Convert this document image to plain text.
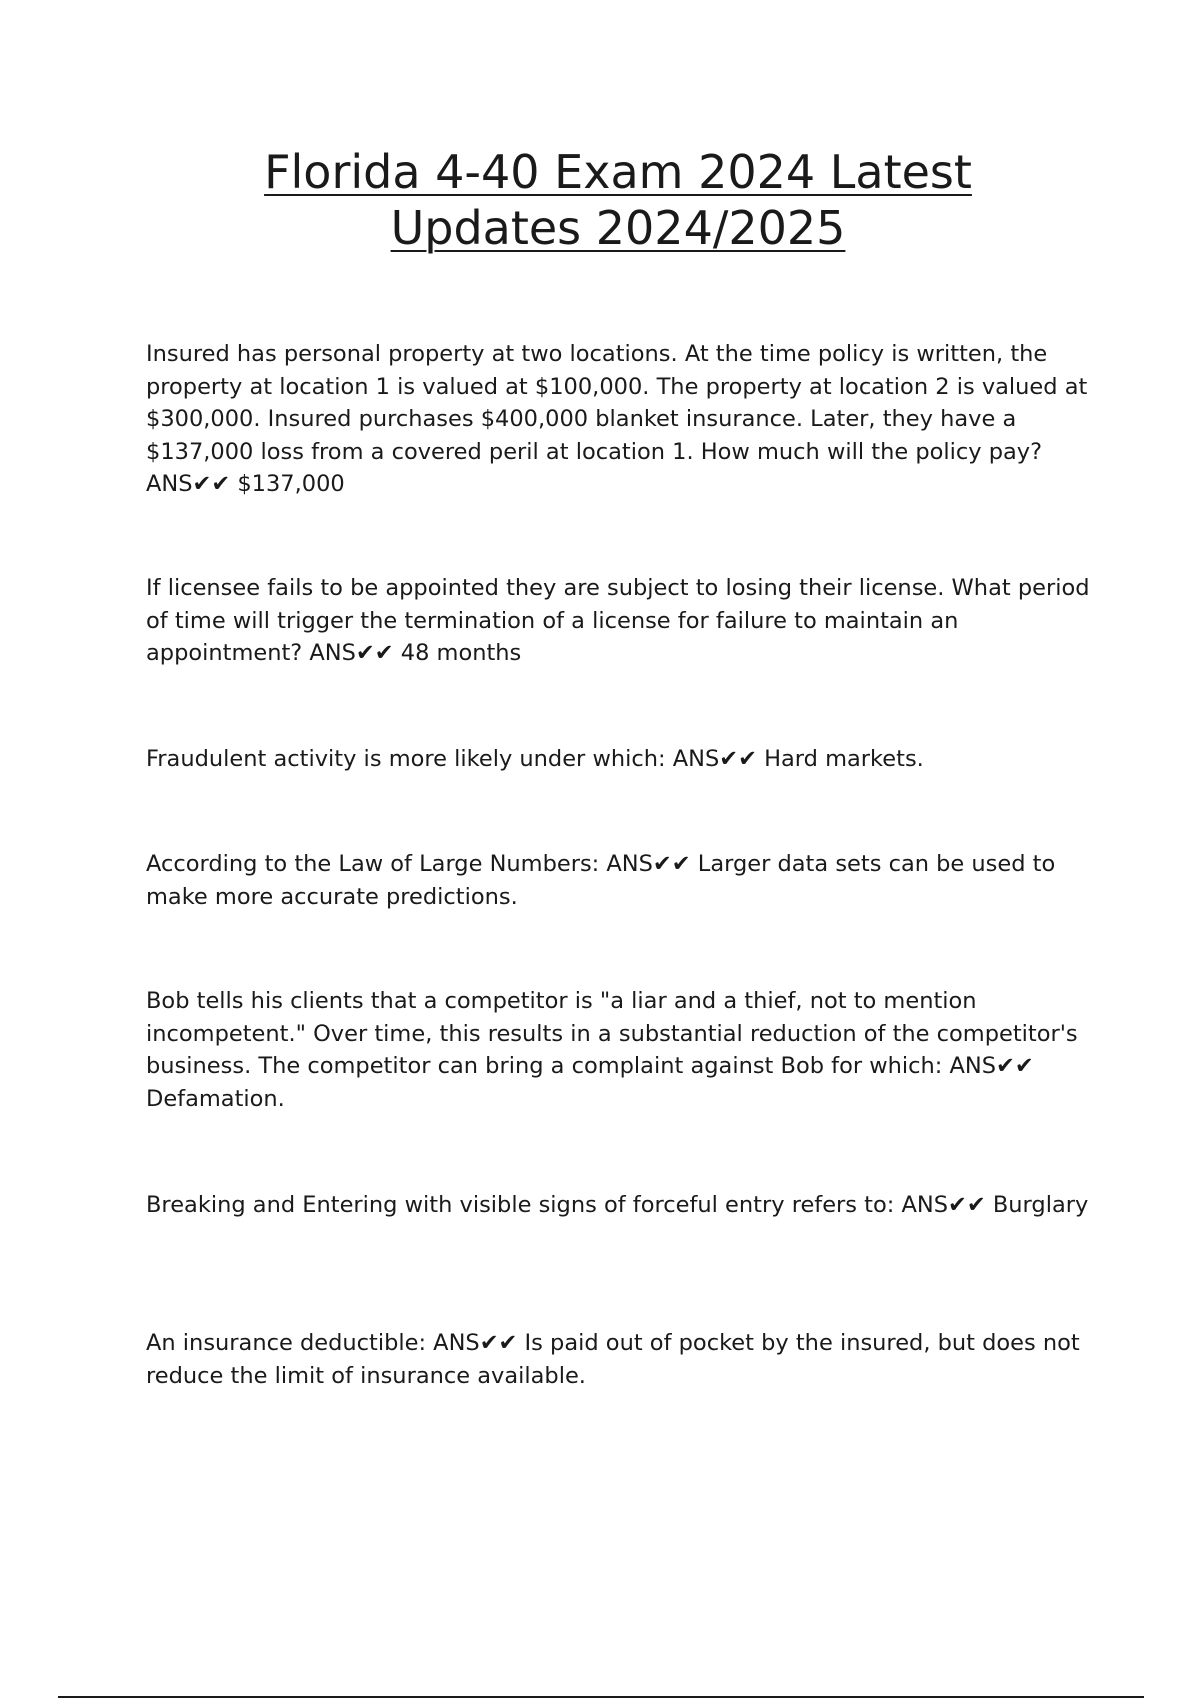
Florida 4-40 Exam 2024 Latest
Updates 2024/2025

Insured has personal property at two locations. At the time policy is written, the property at location 1 is valued at $100,000. The property at location 2 is valued at $300,000. Insured purchases $400,000 blanket insurance. Later, they have a $137,000 loss from a covered peril at location 1. How much will the policy pay? ANS✔✔ $137,000

If licensee fails to be appointed they are subject to losing their license. What period of time will trigger the termination of a license for failure to maintain an appointment? ANS✔✔ 48 months

Fraudulent activity is more likely under which: ANS✔✔ Hard markets.

According to the Law of Large Numbers: ANS✔✔ Larger data sets can be used to make more accurate predictions.

Bob tells his clients that a competitor is "a liar and a thief, not to mention incompetent." Over time, this results in a substantial reduction of the competitor's business. The competitor can bring a complaint against Bob for which: ANS✔✔ Defamation.

Breaking and Entering with visible signs of forceful entry refers to: ANS✔✔ Burglary

An insurance deductible: ANS✔✔ Is paid out of pocket by the insured, but does not reduce the limit of insurance available.
